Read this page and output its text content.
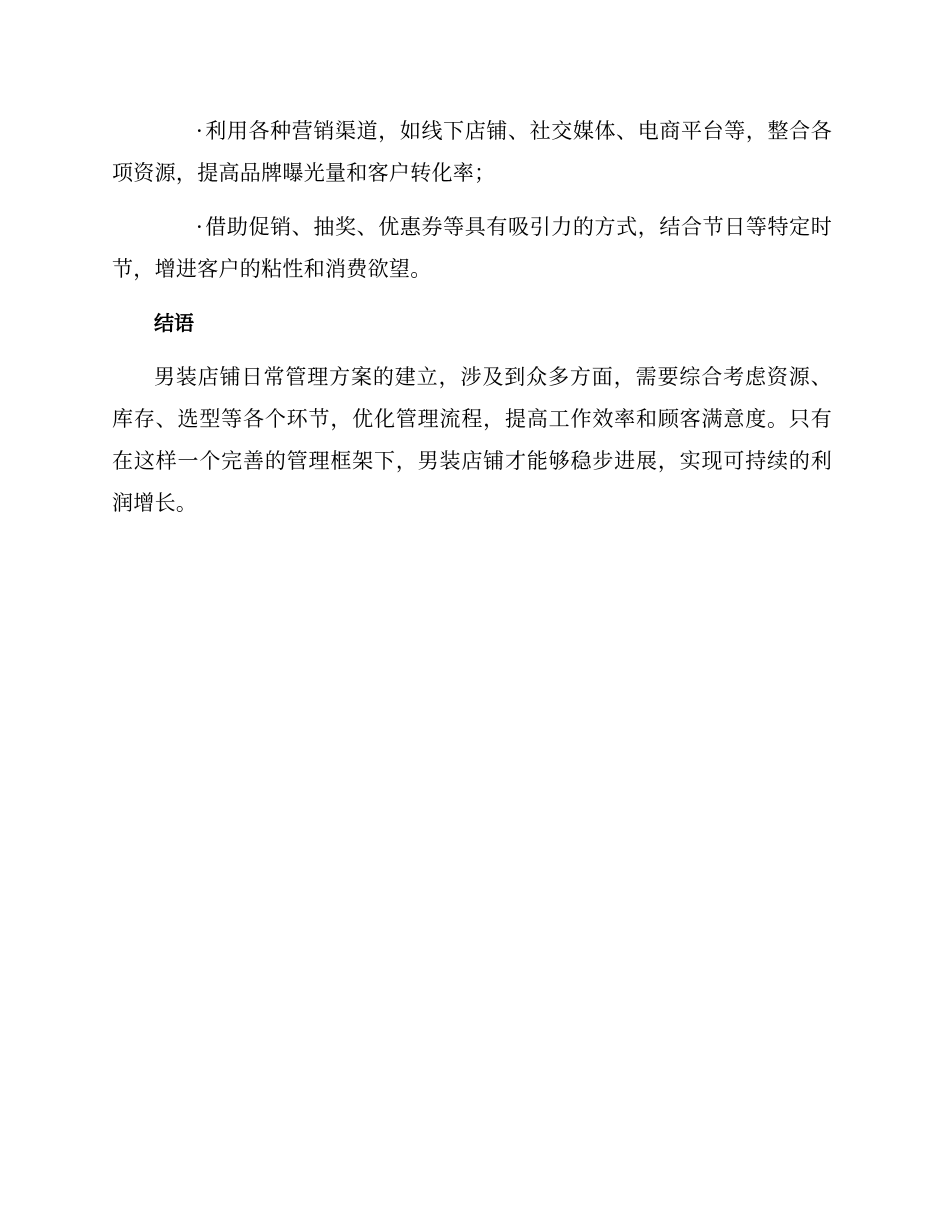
·利用各种营销渠道，如线下店铺、社交媒体、电商平台等，整合各项资源，提高品牌曝光量和客户转化率；

·借助促销、抽奖、优惠券等具有吸引力的方式，结合节日等特定时节，增进客户的粘性和消费欲望。

结语

男装店铺日常管理方案的建立，涉及到众多方面，需要综合考虑资源、库存、选型等各个环节，优化管理流程，提高工作效率和顾客满意度。只有在这样一个完善的管理框架下，男装店铺才能够稳步进展，实现可持续的利润增长。
